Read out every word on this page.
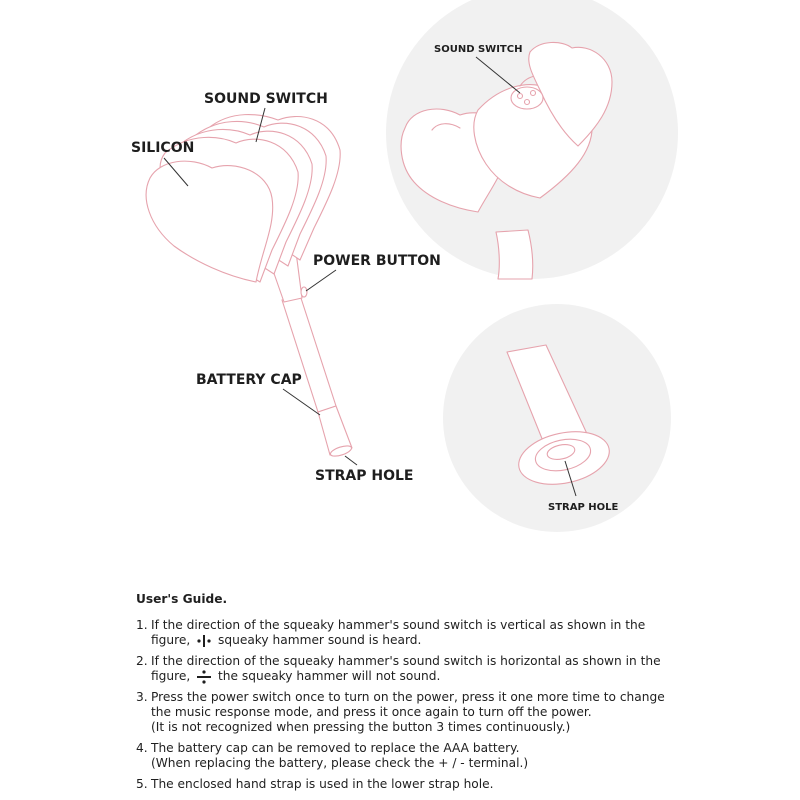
SOUND SWITCH
SILICON
POWER BUTTON
BATTERY CAP
STRAP HOLE
SOUND SWITCH
STRAP HOLE
User's Guide.
1. If the direction of the squeaky hammer's sound switch is vertical as shown in the
figure, squeaky hammer sound is heard.
2. If the direction of the squeaky hammer's sound switch is horizontal as shown in the
figure, the squeaky hammer will not sound.
3. Press the power switch once to turn on the power, press it one more time to change
the music response mode, and press it once again to turn off the power.
(It is not recognized when pressing the button 3 times continuously.)
4. The battery cap can be removed to replace the AAA battery.
(When replacing the battery, please check the + / - terminal.)
5. The enclosed hand strap is used in the lower strap hole.
